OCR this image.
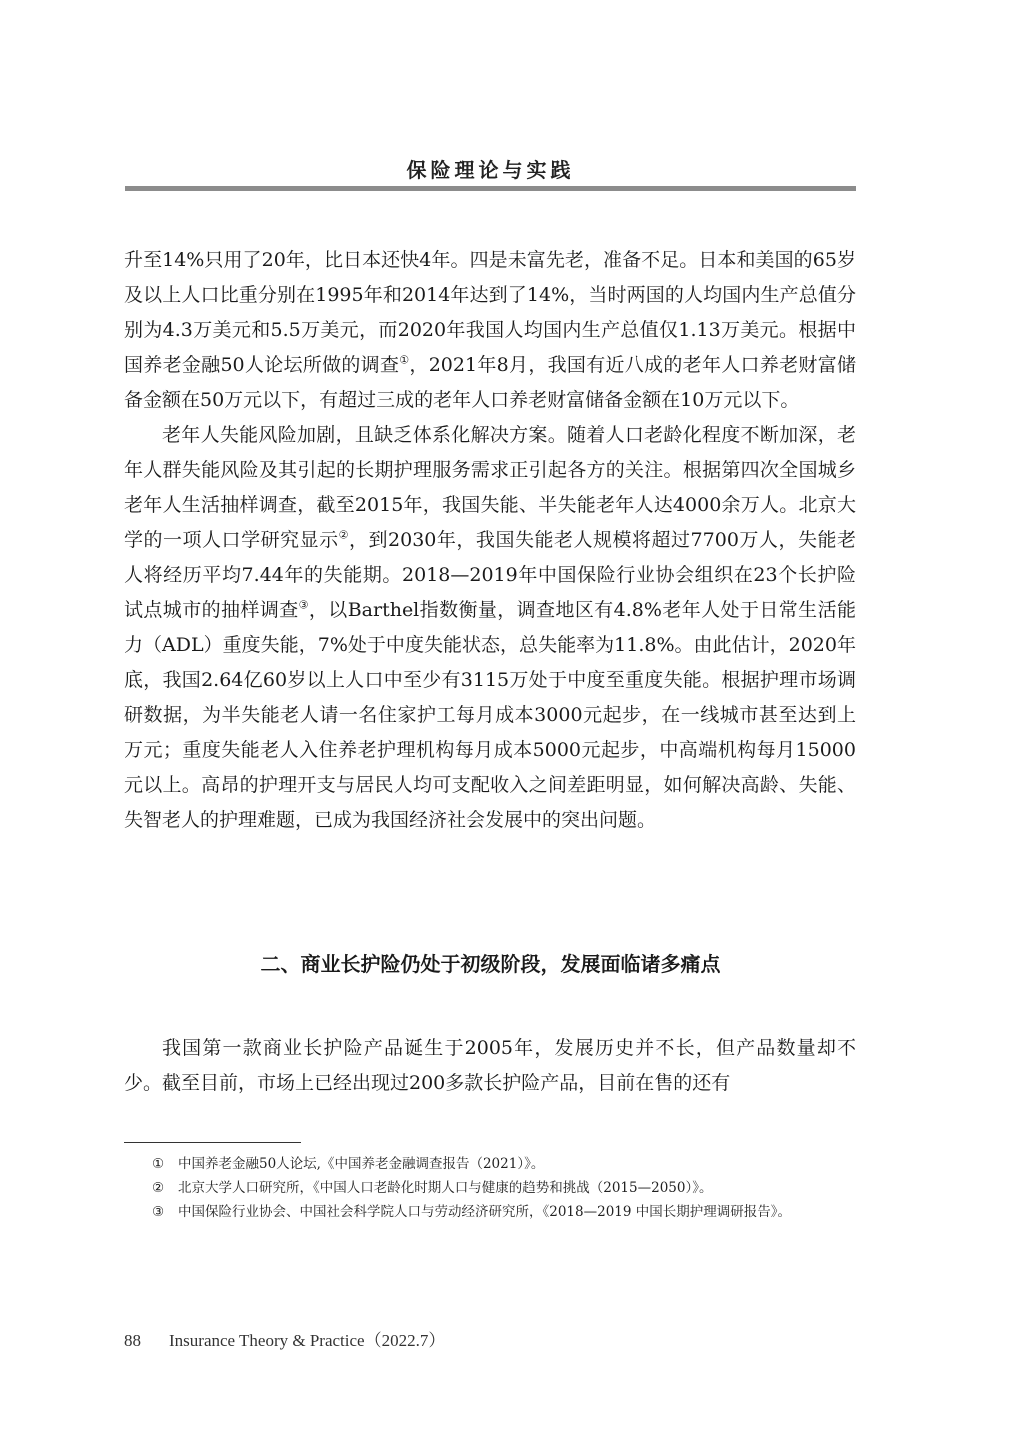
保险理论与实践

升至14%只用了20年，比日本还快4年。四是未富先老，准备不足。日本和美国的65岁及以上人口比重分别在1995年和2014年达到了14%，当时两国的人均国内生产总值分别为4.3万美元和5.5万美元，而2020年我国人均国内生产总值仅1.13万美元。根据中国养老金融50人论坛所做的调查①，2021年8月，我国有近八成的老年人口养老财富储备金额在50万元以下，有超过三成的老年人口养老财富储备金额在10万元以下。

老年人失能风险加剧，且缺乏体系化解决方案。随着人口老龄化程度不断加深，老年人群失能风险及其引起的长期护理服务需求正引起各方的关注。根据第四次全国城乡老年人生活抽样调查，截至2015年，我国失能、半失能老年人达4000余万人。北京大学的一项人口学研究显示②，到2030年，我国失能老人规模将超过7700万人，失能老人将经历平均7.44年的失能期。2018—2019年中国保险行业协会组织在23个长护险试点城市的抽样调查③，以Barthel指数衡量，调查地区有4.8%老年人处于日常生活能力（ADL）重度失能，7%处于中度失能状态，总失能率为11.8%。由此估计，2020年底，我国2.64亿60岁以上人口中至少有3115万处于中度至重度失能。根据护理市场调研数据，为半失能老人请一名住家护工每月成本3000元起步，在一线城市甚至达到上万元；重度失能老人入住养老护理机构每月成本5000元起步，中高端机构每月15000元以上。高昂的护理开支与居民人均可支配收入之间差距明显，如何解决高龄、失能、失智老人的护理难题，已成为我国经济社会发展中的突出问题。

二、商业长护险仍处于初级阶段，发展面临诸多痛点

我国第一款商业长护险产品诞生于2005年，发展历史并不长，但产品数量却不少。截至目前，市场上已经出现过200多款长护险产品，目前在售的还有

① 中国养老金融50人论坛,《中国养老金融调查报告（2021）》。

② 北京大学人口研究所，《中国人口老龄化时期人口与健康的趋势和挑战（2015—2050）》。

③ 中国保险行业协会、中国社会科学院人口与劳动经济研究所，《2018—2019 中国长期护理调研报告》。

88 Insurance Theory & Practice（2022.7）
